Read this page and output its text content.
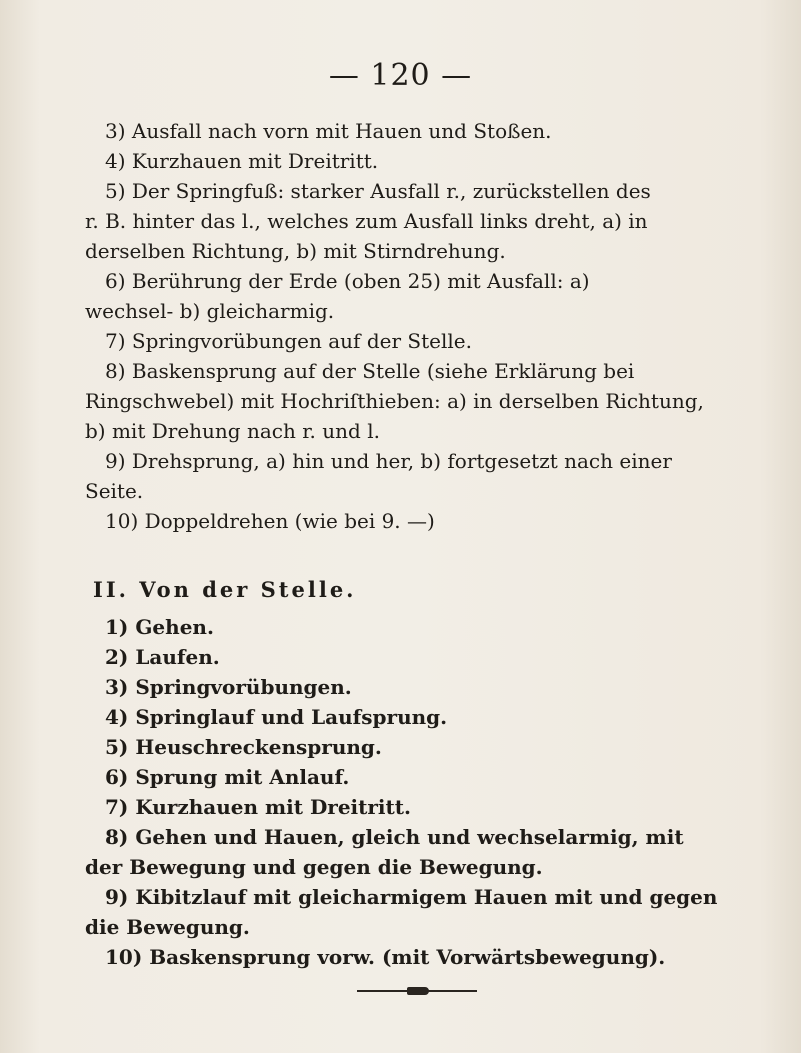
— 120 —
3) Ausfall nach vorn mit Hauen und Stoßen.
4) Kurzhauen mit Dreitritt.
5) Der Springfuß: starker Ausfall r., zurückstellen des
r. B. hinter das l., welches zum Ausfall links dreht, a) in
derselben Richtung, b) mit Stirndrehung.
6) Berührung der Erde (oben 25) mit Ausfall: a)
wechsel- b) gleicharmig.
7) Springvorübungen auf der Stelle.
8) Baskensprung auf der Stelle (siehe Erklärung bei
Ringschwebel) mit Hochriſthieben: a) in derselben Richtung,
b) mit Drehung nach r. und l.
9) Drehsprung, a) hin und her, b) fortgesetzt nach einer
Seite.
10) Doppeldrehen (wie bei 9. —)
II. Von der Stelle.
1) Gehen.
2) Laufen.
3) Springvorübungen.
4) Springlauf und Laufsprung.
5) Heuschreckensprung.
6) Sprung mit Anlauf.
7) Kurzhauen mit Dreitritt.
8) Gehen und Hauen, gleich und wechselarmig, mit
der Bewegung und gegen die Bewegung.
9) Kibitzlauf mit gleicharmigem Hauen mit und gegen
die Bewegung.
10) Baskensprung vorw. (mit Vorwärtsbewegung).
